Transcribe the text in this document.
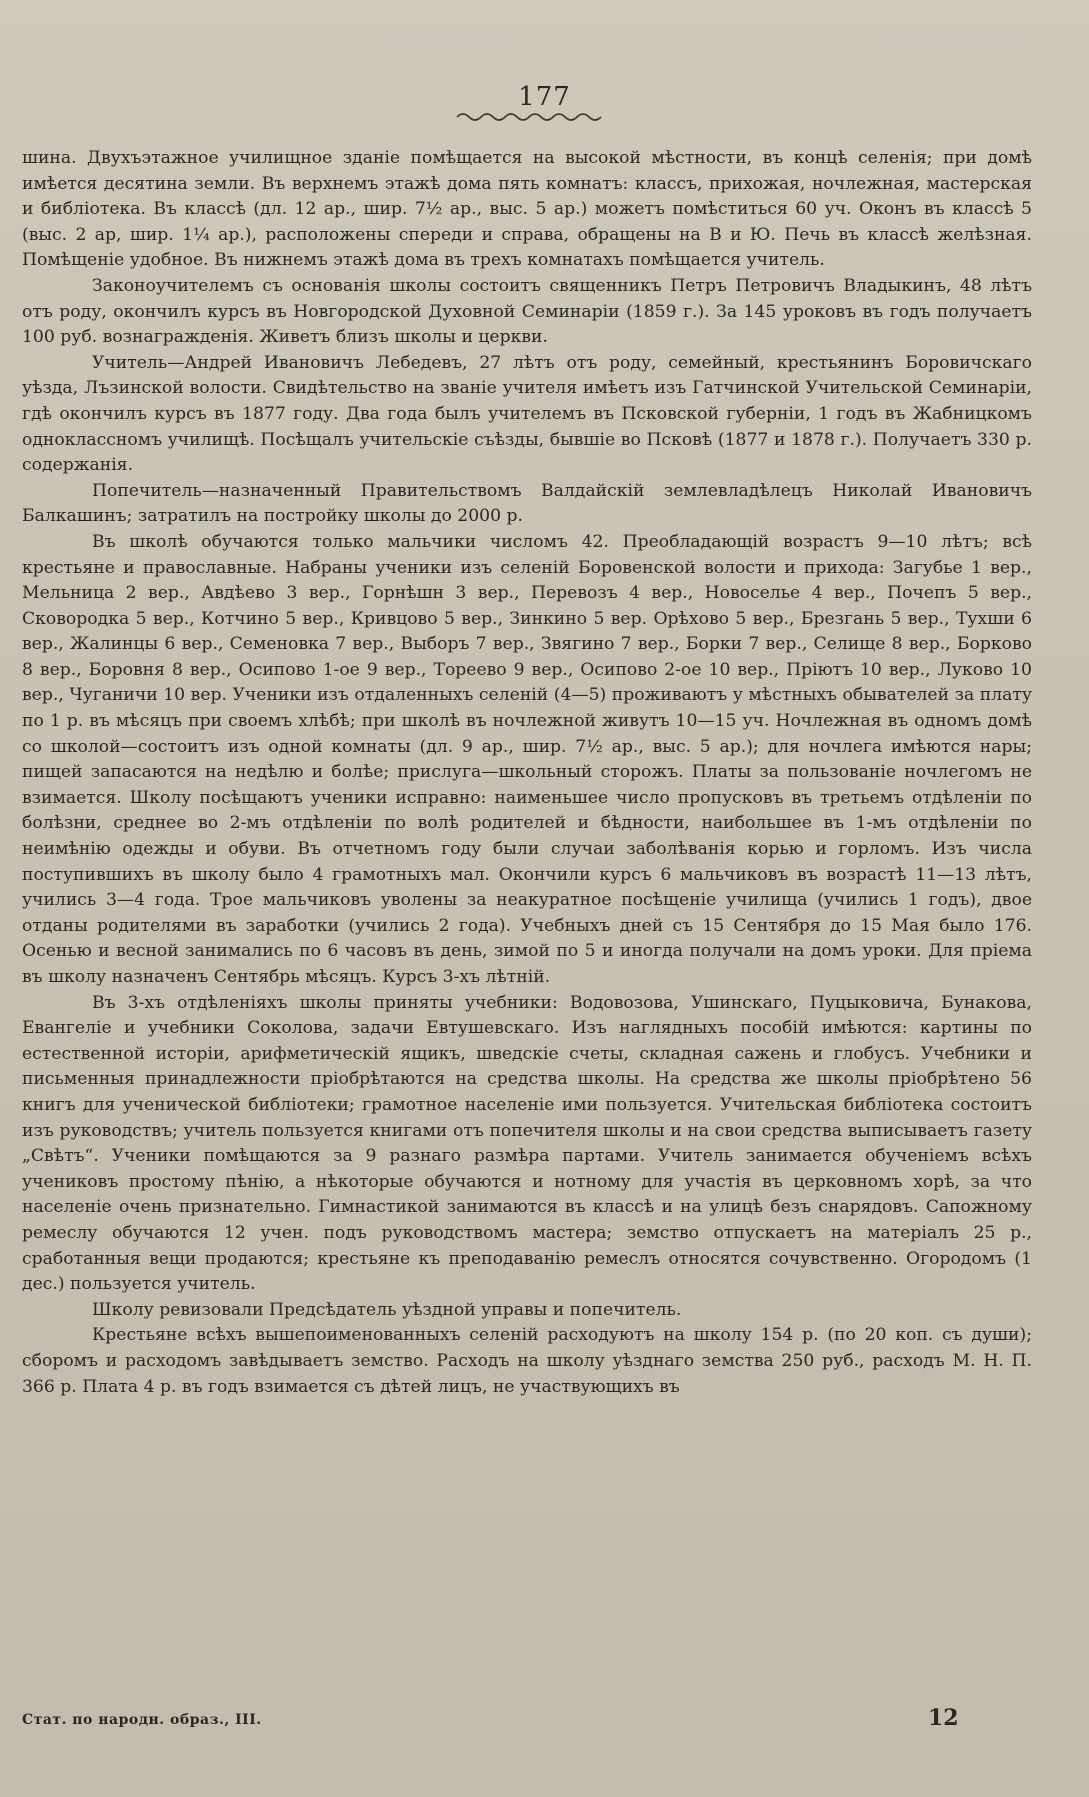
177

шина. Двухъэтажное училищное зданіе помѣщается на высокой мѣстности, въ концѣ селенія; при домѣ имѣется десятина земли. Въ верхнемъ этажѣ дома пять комнатъ: классъ, прихожая, ночлежная, мастерская и библіотека. Въ классѣ (дл. 12 ар., шир. 7½ ар., выс. 5 ар.) можетъ помѣститься 60 уч. Оконъ въ классѣ 5 (выс. 2 ар, шир. 1¼ ар.), расположены спереди и справа, обращены на В и Ю. Печь въ классѣ желѣзная. Помѣщеніе удобное. Въ нижнемъ этажѣ дома въ трехъ комнатахъ помѣщается учитель.

Законоучителемъ съ основанія школы состоитъ священникъ Петръ Петровичъ Владыкинъ, 48 лѣтъ отъ роду, окончилъ курсъ въ Новгородской Духовной Семинаріи (1859 г.). За 145 уроковъ въ годъ получаетъ 100 руб. вознагражденія. Живетъ близъ школы и церкви.

Учитель—Андрей Ивановичъ Лебедевъ, 27 лѣтъ отъ роду, семейный, крестьянинъ Боровичскаго уѣзда, Лъзинской волости. Свидѣтельство на званіе учителя имѣетъ изъ Гатчинской Учительской Семинаріи, гдѣ окончилъ курсъ въ 1877 году. Два года былъ учителемъ въ Псковской губерніи, 1 годъ въ Жабницкомъ одноклассномъ училищѣ. Посѣщалъ учительскіе съѣзды, бывшіе во Псковѣ (1877 и 1878 г.). Получаетъ 330 р. содержанія.

Попечитель—назначенный Правительствомъ Валдайскій землевладѣлецъ Николай Ивановичъ Балкашинъ; затратилъ на постройку школы до 2000 р.

Въ школѣ обучаются только мальчики числомъ 42. Преобладающій возрастъ 9—10 лѣтъ; всѣ крестьяне и православные. Набраны ученики изъ селеній Боровенской волости и прихода: Загубье 1 вер., Мельница 2 вер., Авдѣево 3 вер., Горнѣшн 3 вер., Перевозъ 4 вер., Новоселье 4 вер., Почепъ 5 вер., Сковородка 5 вер., Котчино 5 вер., Кривцово 5 вер., Зинкино 5 вер. Орѣхово 5 вер., Брезгань 5 вер., Тухши 6 вер., Жалинцы 6 вер., Семеновка 7 вер., Выборъ 7 вер., Звягино 7 вер., Борки 7 вер., Селище 8 вер., Борково 8 вер., Боровня 8 вер., Осипово 1-ое 9 вер., Тореево 9 вер., Осипово 2-ое 10 вер., Пріютъ 10 вер., Луково 10 вер., Чуганичи 10 вер. Ученики изъ отдаленныхъ селеній (4—5) проживаютъ у мѣстныхъ обывателей за плату по 1 р. въ мѣсяцъ при своемъ хлѣбѣ; при школѣ въ ночлежной живутъ 10—15 уч. Ночлежная въ одномъ домѣ со школой—состоитъ изъ одной комнаты (дл. 9 ар., шир. 7½ ар., выс. 5 ар.); для ночлега имѣются нары; пищей запасаются на недѣлю и болѣе; прислуга—школьный сторожъ. Платы за пользованіе ночлегомъ не взимается. Школу посѣщаютъ ученики исправно: наименьшее число пропусковъ въ третьемъ отдѣленіи по болѣзни, среднее во 2-мъ отдѣленіи по волѣ родителей и бѣдности, наибольшее въ 1-мъ отдѣленіи по неимѣнію одежды и обуви. Въ отчетномъ году были случаи заболѣванія корью и горломъ. Изъ числа поступившихъ въ школу было 4 грамотныхъ мал. Окончили курсъ 6 мальчиковъ въ возрастѣ 11—13 лѣтъ, учились 3—4 года. Трое мальчиковъ уволены за неакуратное посѣщеніе училища (учились 1 годъ), двое отданы родителями въ заработки (учились 2 года). Учебныхъ дней съ 15 Сентября до 15 Мая было 176. Осенью и весной занимались по 6 часовъ въ день, зимой по 5 и иногда получали на домъ уроки. Для пріема въ школу назначенъ Сентябрь мѣсяцъ. Курсъ 3-хъ лѣтній.

Въ 3-хъ отдѣленіяхъ школы приняты учебники: Водовозова, Ушинскаго, Пуцыковича, Бунакова, Евангеліе и учебники Соколова, задачи Евтушевскаго. Изъ наглядныхъ пособій имѣются: картины по естественной исторіи, арифметическій ящикъ, шведскіе счеты, складная сажень и глобусъ. Учебники и письменныя принадлежности пріобрѣтаются на средства школы. На средства же школы пріобрѣтено 56 книгъ для ученической библіотеки; грамотное населеніе ими пользуется. Учительская библіотека состоитъ изъ руководствъ; учитель пользуется книгами отъ попечителя школы и на свои средства выписываетъ газету „Свѣтъ“. Ученики помѣщаются за 9 разнаго размѣра партами. Учитель занимается обученіемъ всѣхъ учениковъ простому пѣнію, а нѣкоторые обучаются и нотному для участія въ церковномъ хорѣ, за что населеніе очень признательно. Гимнастикой занимаются въ классѣ и на улицѣ безъ снарядовъ. Сапожному ремеслу обучаются 12 учен. подъ руководствомъ мастера; земство отпускаетъ на матеріалъ 25 р., сработанныя вещи продаются; крестьяне къ преподаванію ремеслъ относятся сочувственно. Огородомъ (1 дес.) пользуется учитель.

Школу ревизовали Предсѣдатель уѣздной управы и попечитель.

Крестьяне всѣхъ вышепоименованныхъ селеній расходуютъ на школу 154 р. (по 20 коп. съ души); сборомъ и расходомъ завѣдываетъ земство. Расходъ на школу уѣзднаго земства 250 руб., расходъ М. Н. П. 366 р. Плата 4 р. въ годъ взимается съ дѣтей лицъ, не участвующихъ въ

Стат. по народн. образ., III.	12
